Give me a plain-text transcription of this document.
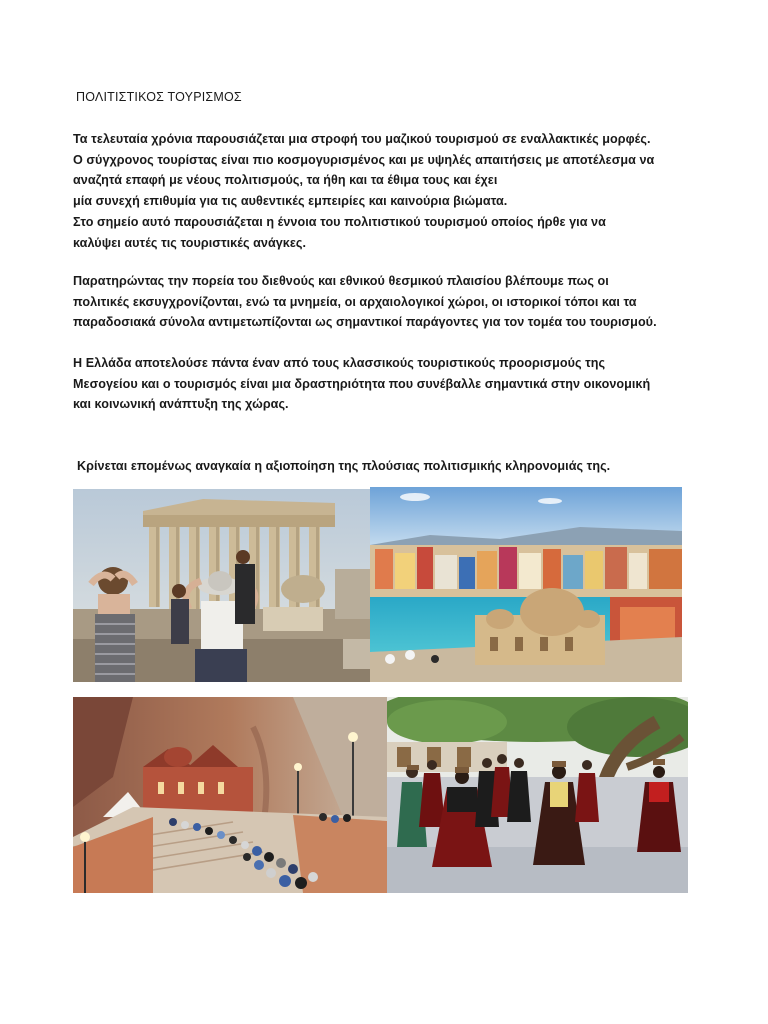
ΠΟΛΙΤΙΣΤΙΚΟΣ ΤΟΥΡΙΣΜΟΣ

Τα τελευταία χρόνια παρουσιάζεται μια στροφή του μαζικού τουρισμού σε εναλλακτικές μορφές.
Ο σύγχρονος τουρίστας είναι πιο κοσμογυρισμένος και με υψηλές απαιτήσεις με αποτέλεσμα να
αναζητά επαφή με νέους πολιτισμούς, τα ήθη και τα έθιμα τους και έχει
μία συνεχή επιθυμία για τις αυθεντικές εμπειρίες και καινούρια βιώματα.
Στο σημείο αυτό παρουσιάζεται η έννοια του πολιτιστικού τουρισμού οποίος ήρθε για να
καλύψει αυτές τις τουριστικές ανάγκες.

Παρατηρώντας την πορεία του διεθνούς και εθνικού θεσμικού πλαισίου βλέπουμε πως οι
πολιτικές εκσυγχρονίζονται, ενώ τα μνημεία, οι αρχαιολογικοί χώροι, οι ιστορικοί τόποι και τα
παραδοσιακά σύνολα αντιμετωπίζονται ως σημαντικοί παράγοντες για τον τομέα του τουρισμού.

Η Ελλάδα αποτελούσε πάντα έναν από τους κλασσικούς τουριστικούς προορισμούς της
Μεσογείου και ο τουρισμός είναι μια δραστηριότητα που συνέβαλλε σημαντικά στην οικονομική
και κοινωνική ανάπτυξη της χώρας.

Κρίνεται επομένως αναγκαία η αξιοποίηση της πλούσιας πολιτισμικής κληρονομιάς της.
